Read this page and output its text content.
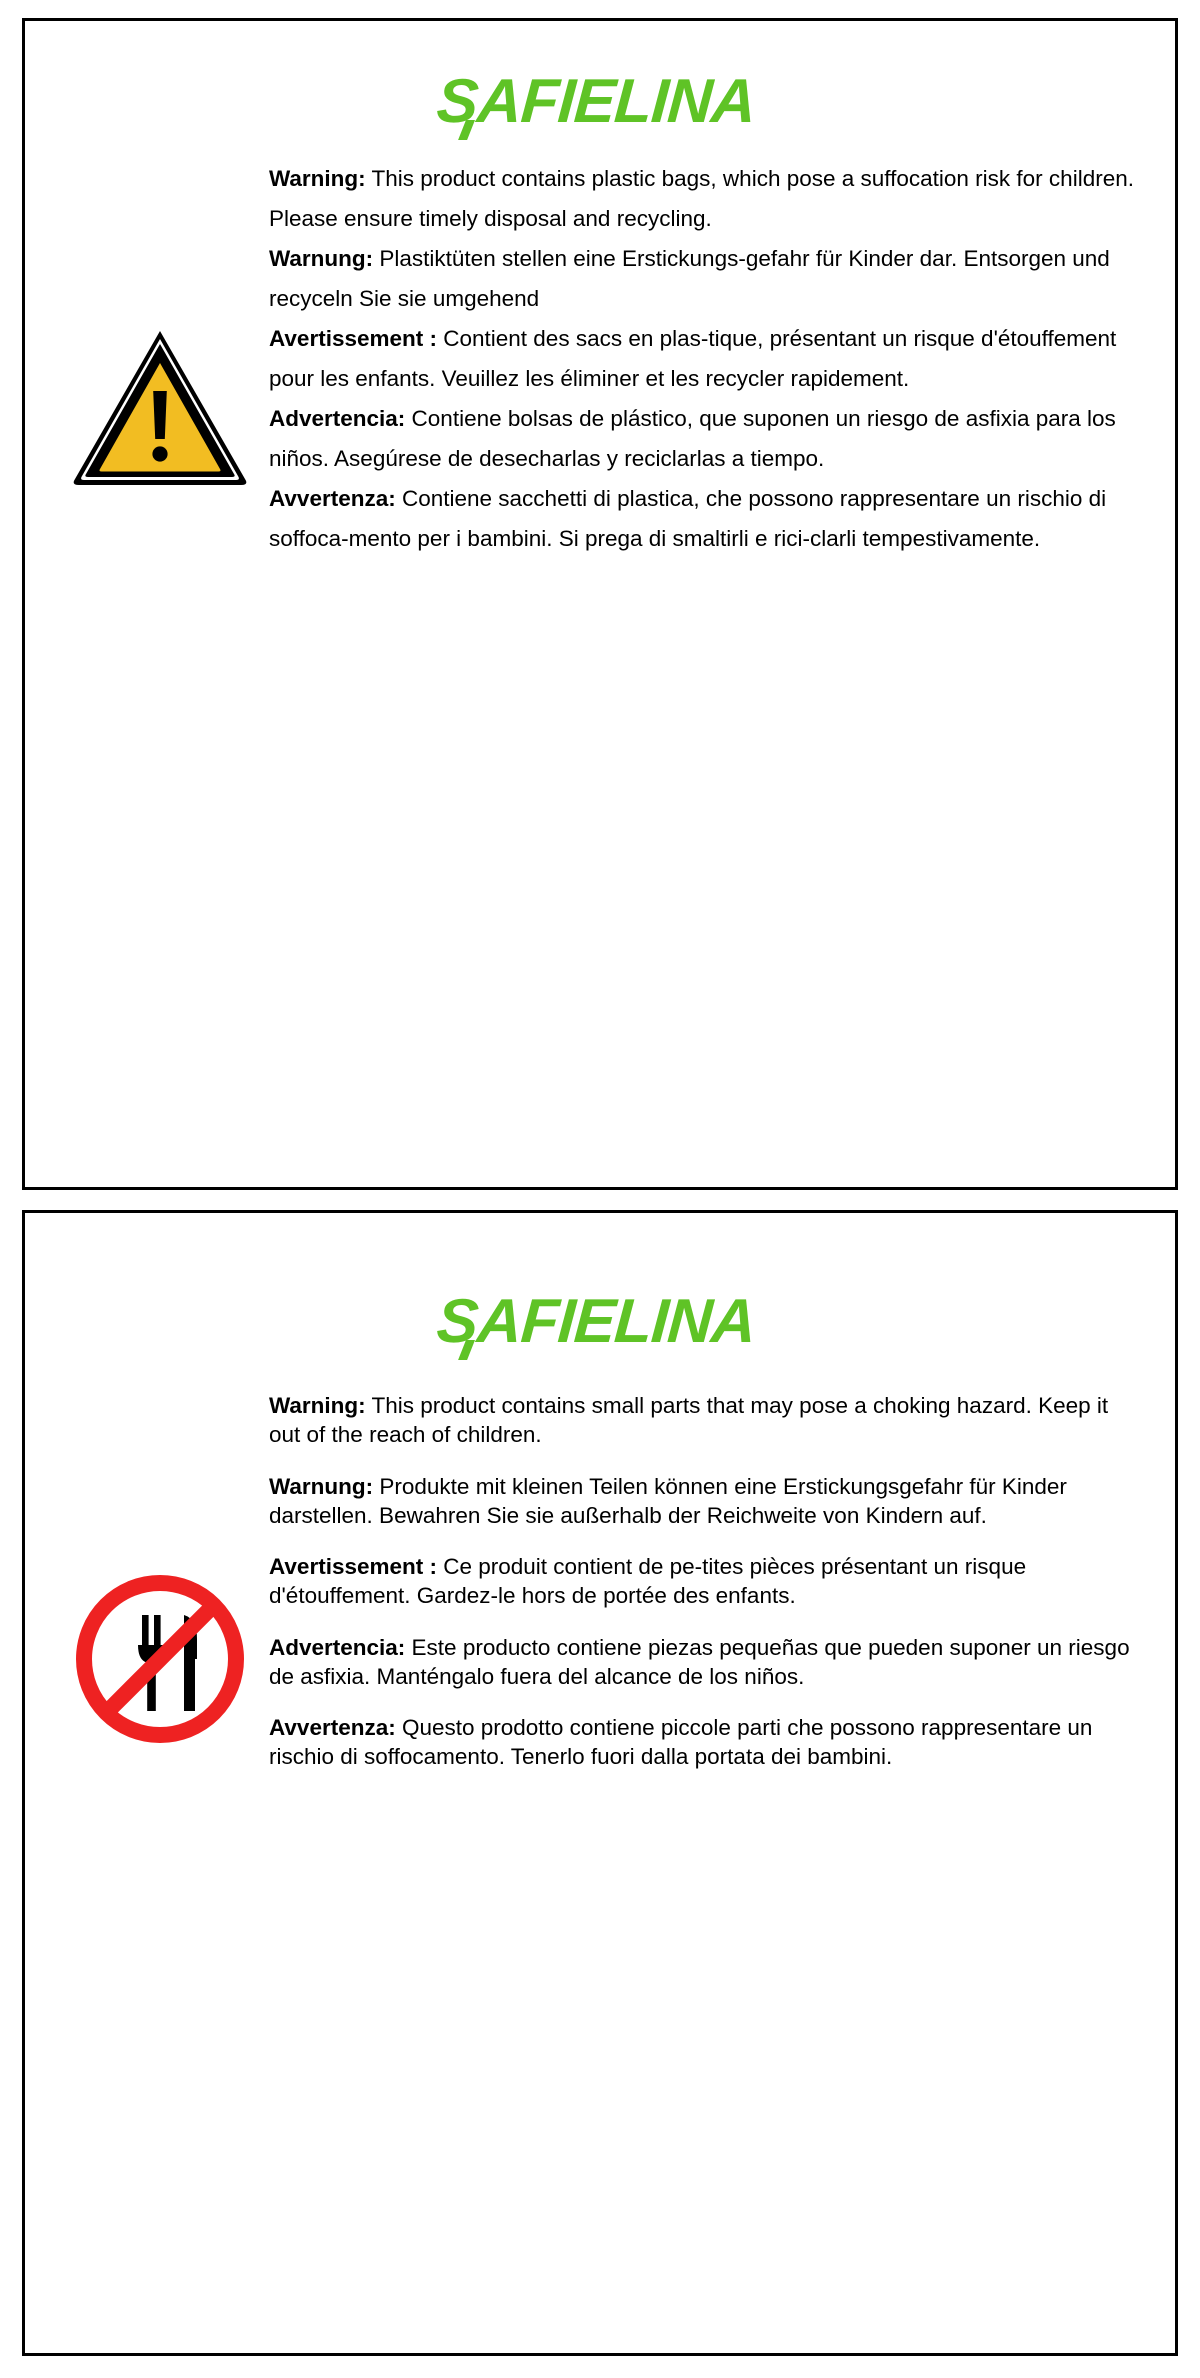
SAFIELINA
Warning: This product contains plastic bags, which pose a suffocation risk for children. Please ensure timely disposal and recycling.
Warnung: Plastiktüten stellen eine Erstickungs-gefahr für Kinder dar. Entsorgen und recyceln Sie sie umgehend
Avertissement : Contient des sacs en plas-tique, présentant un risque d'étouffement pour les enfants. Veuillez les éliminer et les recycler rapidement.
Advertencia: Contiene bolsas de plástico, que suponen un riesgo de asfixia para los niños. Asegúrese de desecharlas y reciclarlas a tiempo.
Avvertenza: Contiene sacchetti di plastica, che possono rappresentare un rischio di soffoca-mento per i bambini. Si prega di smaltirli e rici-clarli tempestivamente.
SAFIELINA
Warning: This product contains small parts that may pose a choking hazard. Keep it out of the reach of children.
Warnung: Produkte mit kleinen Teilen können eine Erstickungsgefahr für Kinder darstellen. Bewahren Sie sie außerhalb der Reichweite von Kindern auf.
Avertissement : Ce produit contient de pe-tites pièces présentant un risque d'étouffement. Gardez-le hors de portée des enfants.
Advertencia: Este producto contiene piezas pequeñas que pueden suponer un riesgo de asfixia. Manténgalo fuera del alcance de los niños.
Avvertenza: Questo prodotto contiene piccole parti che possono rappresentare un rischio di soffocamento. Tenerlo fuori dalla portata dei bambini.
